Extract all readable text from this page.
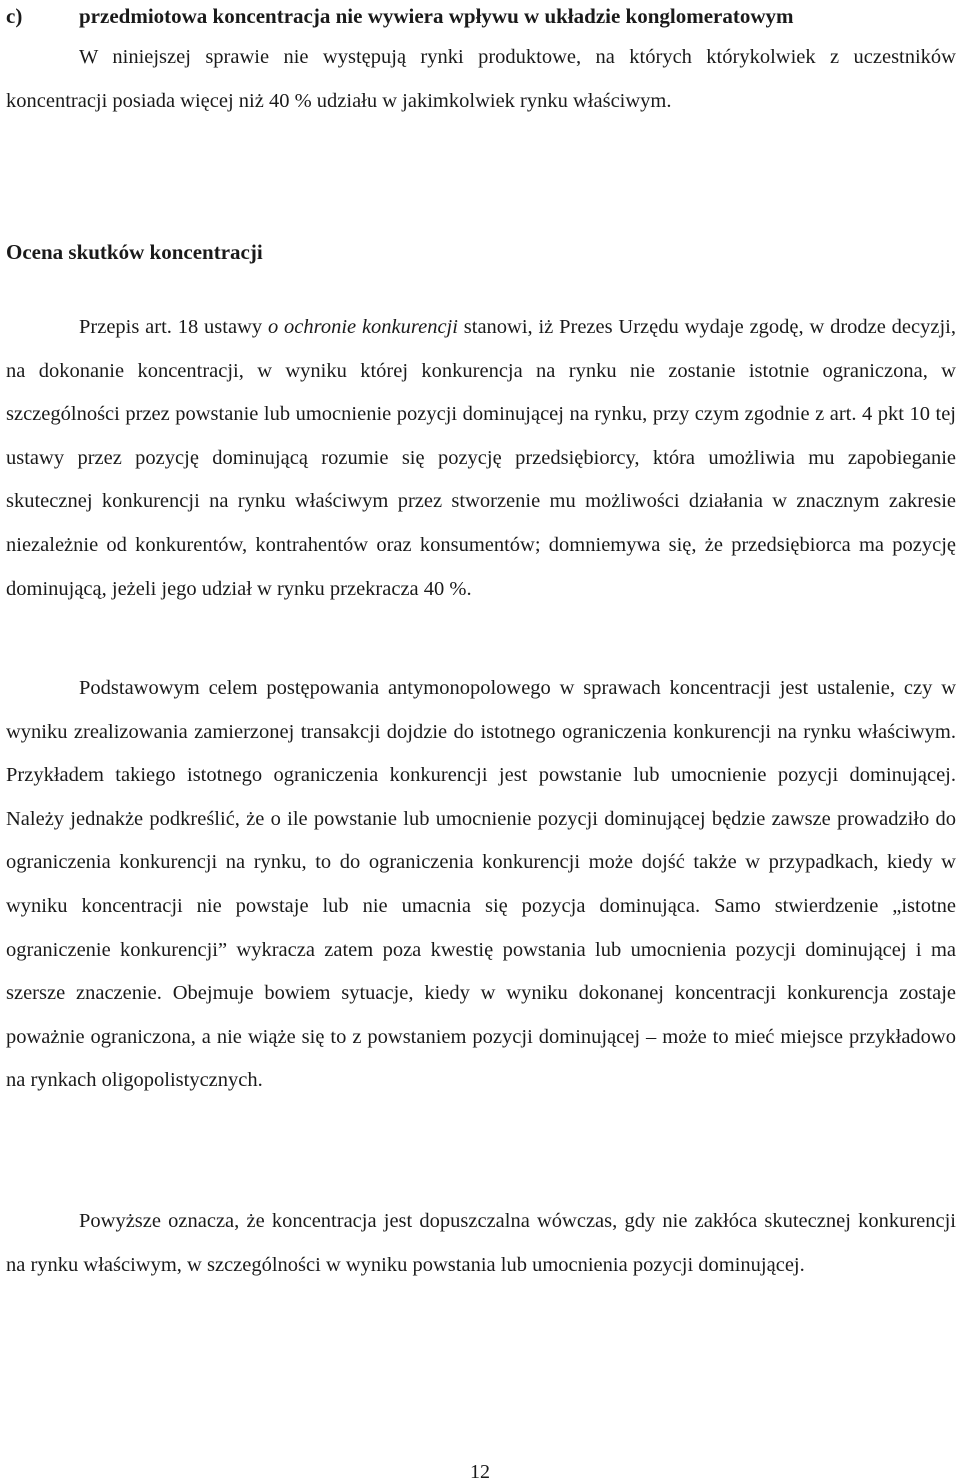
c)	przedmiotowa koncentracja nie wywiera wpływu w układzie konglomeratowym

W niniejszej sprawie nie występują rynki produktowe, na których którykolwiek z uczestników koncentracji posiada więcej niż 40 % udziału w jakimkolwiek rynku właściwym.

Ocena skutków koncentracji

Przepis art. 18 ustawy o ochronie konkurencji stanowi, iż Prezes Urzędu wydaje zgodę, w drodze decyzji, na dokonanie koncentracji, w wyniku której konkurencja na rynku nie zostanie istotnie ograniczona, w szczególności przez powstanie lub umocnienie pozycji dominującej na rynku, przy czym zgodnie z art. 4 pkt 10 tej ustawy przez pozycję dominującą rozumie się pozycję przedsiębiorcy, która umożliwia mu zapobieganie skutecznej konkurencji na rynku właściwym przez stworzenie mu możliwości działania w znacznym zakresie niezależnie od konkurentów, kontrahentów oraz konsumentów; domniemywa się, że przedsiębiorca ma pozycję dominującą, jeżeli jego udział w rynku przekracza 40 %.

Podstawowym celem postępowania antymonopolowego w sprawach koncentracji jest ustalenie, czy w wyniku zrealizowania zamierzonej transakcji dojdzie do istotnego ograniczenia konkurencji na rynku właściwym. Przykładem takiego istotnego ograniczenia konkurencji jest powstanie lub umocnienie pozycji dominującej. Należy jednakże podkreślić, że o ile powstanie lub umocnienie pozycji dominującej będzie zawsze prowadziło do ograniczenia konkurencji na rynku, to do ograniczenia konkurencji może dojść także w przypadkach, kiedy w wyniku koncentracji nie powstaje lub nie umacnia się pozycja dominująca. Samo stwierdzenie „istotne ograniczenie konkurencji” wykracza zatem poza kwestię powstania lub umocnienia pozycji dominującej i ma szersze znaczenie. Obejmuje bowiem sytuacje, kiedy w wyniku dokonanej koncentracji konkurencja zostaje poważnie ograniczona, a nie wiąże się to z powstaniem pozycji dominującej – może to mieć miejsce przykładowo na rynkach oligopolistycznych.

Powyższe oznacza, że koncentracja jest dopuszczalna wówczas, gdy nie zakłóca skutecznej konkurencji na rynku właściwym, w szczególności w wyniku powstania lub umocnienia pozycji dominującej.

12
